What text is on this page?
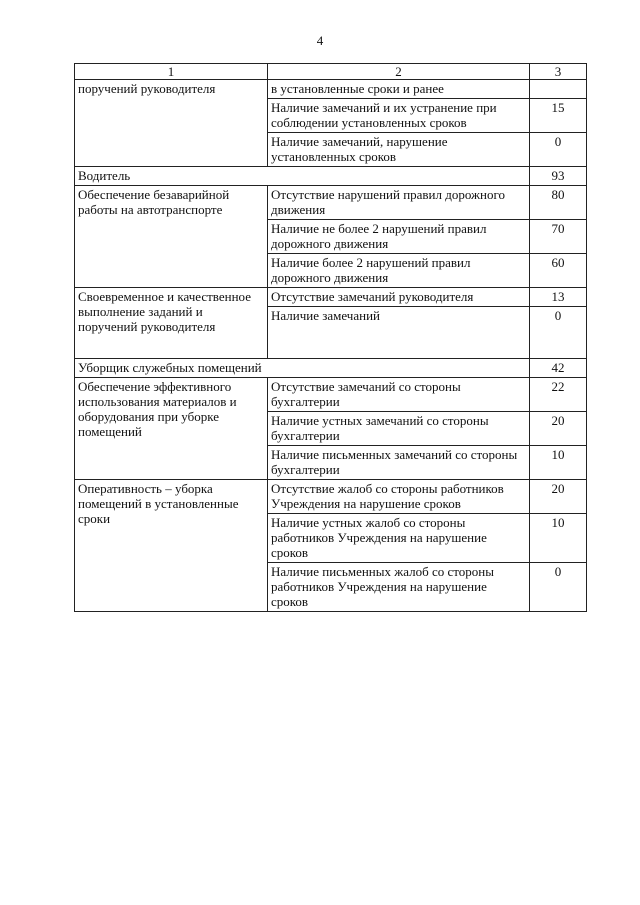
4
1	2	3
поручений руководителя	в установленные сроки и ранее	
	Наличие замечаний и их устранение при соблюдении установленных сроков	15
	Наличие замечаний, нарушение установленных сроков	0
Водитель		93
Обеспечение безаварийной работы на автотранспорте	Отсутствие нарушений правил дорожного движения	80
	Наличие не более 2 нарушений правил дорожного движения	70
	Наличие более 2 нарушений правил дорожного движения	60
Своевременное и качественное выполнение заданий и поручений руководителя	Отсутствие замечаний руководителя	13
	Наличие замечаний	0
Уборщик служебных помещений		42
Обеспечение эффективного использования материалов и оборудования при уборке помещений	Отсутствие замечаний со стороны бухгалтерии	22
	Наличие устных замечаний со стороны бухгалтерии	20
	Наличие письменных замечаний со стороны бухгалтерии	10
Оперативность – уборка помещений в установленные сроки	Отсутствие жалоб со стороны работников Учреждения на нарушение сроков	20
	Наличие устных жалоб со стороны работников Учреждения на нарушение сроков	10
	Наличие письменных жалоб со стороны работников Учреждения на нарушение сроков	0
